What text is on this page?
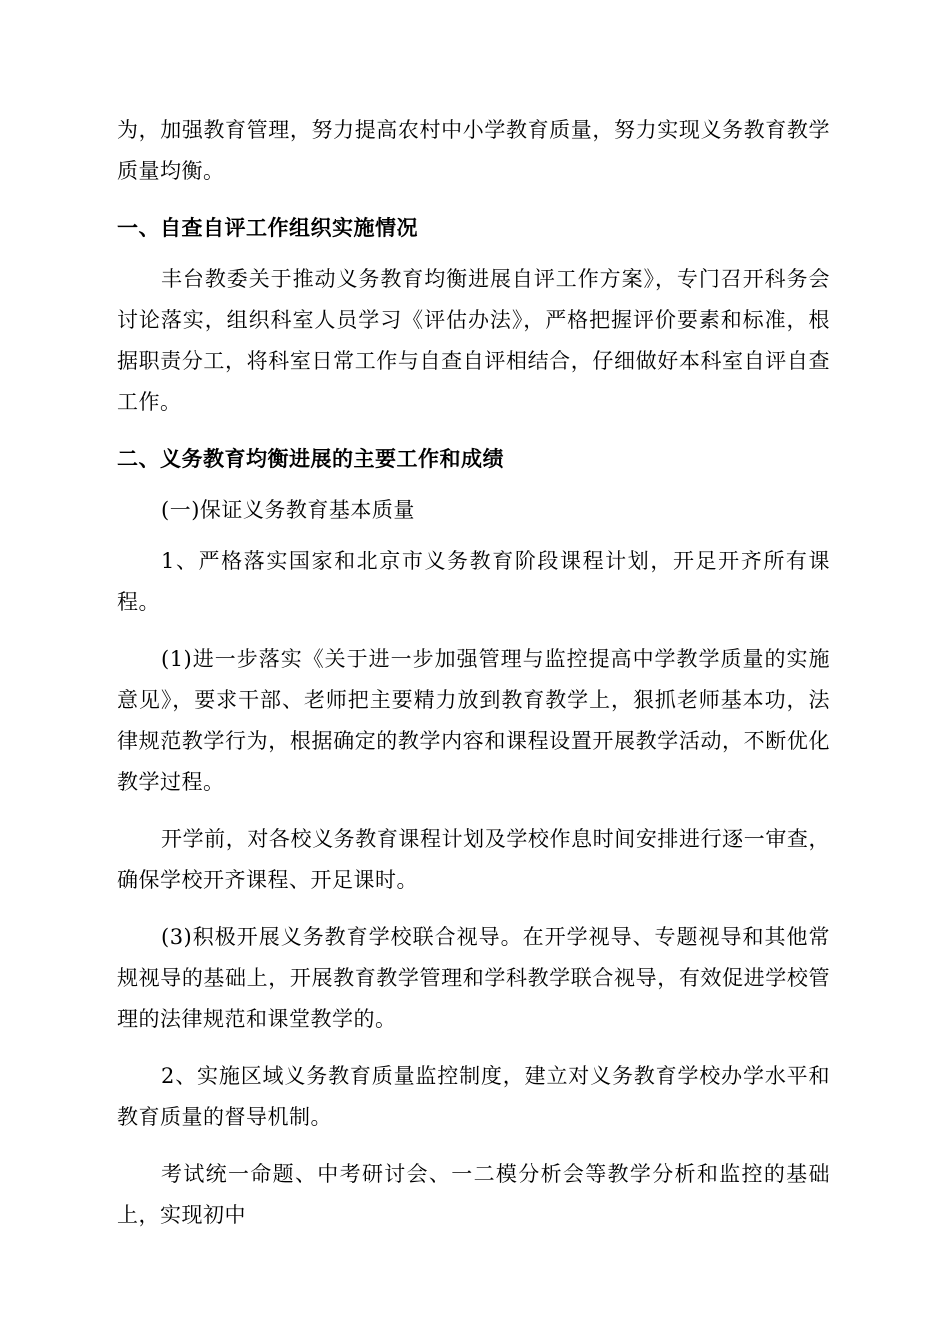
为，加强教育管理，努力提高农村中小学教育质量，努力实现义务教育教学质量均衡。

一、自查自评工作组织实施情况

丰台教委关于推动义务教育均衡进展自评工作方案》，专门召开科务会讨论落实，组织科室人员学习《评估办法》，严格把握评价要素和标准，根据职责分工，将科室日常工作与自查自评相结合，仔细做好本科室自评自查工作。

二、义务教育均衡进展的主要工作和成绩

(一)保证义务教育基本质量

1、严格落实国家和北京市义务教育阶段课程计划，开足开齐所有课程。

(1)进一步落实《关于进一步加强管理与监控提高中学教学质量的实施意见》，要求干部、老师把主要精力放到教育教学上，狠抓老师基本功，法律规范教学行为，根据确定的教学内容和课程设置开展教学活动，不断优化教学过程。

开学前，对各校义务教育课程计划及学校作息时间安排进行逐一审查，确保学校开齐课程、开足课时。

(3)积极开展义务教育学校联合视导。在开学视导、专题视导和其他常规视导的基础上，开展教育教学管理和学科教学联合视导，有效促进学校管理的法律规范和课堂教学的。

2、实施区域义务教育质量监控制度，建立对义务教育学校办学水平和教育质量的督导机制。

考试统一命题、中考研讨会、一二模分析会等教学分析和监控的基础上，实现初中
